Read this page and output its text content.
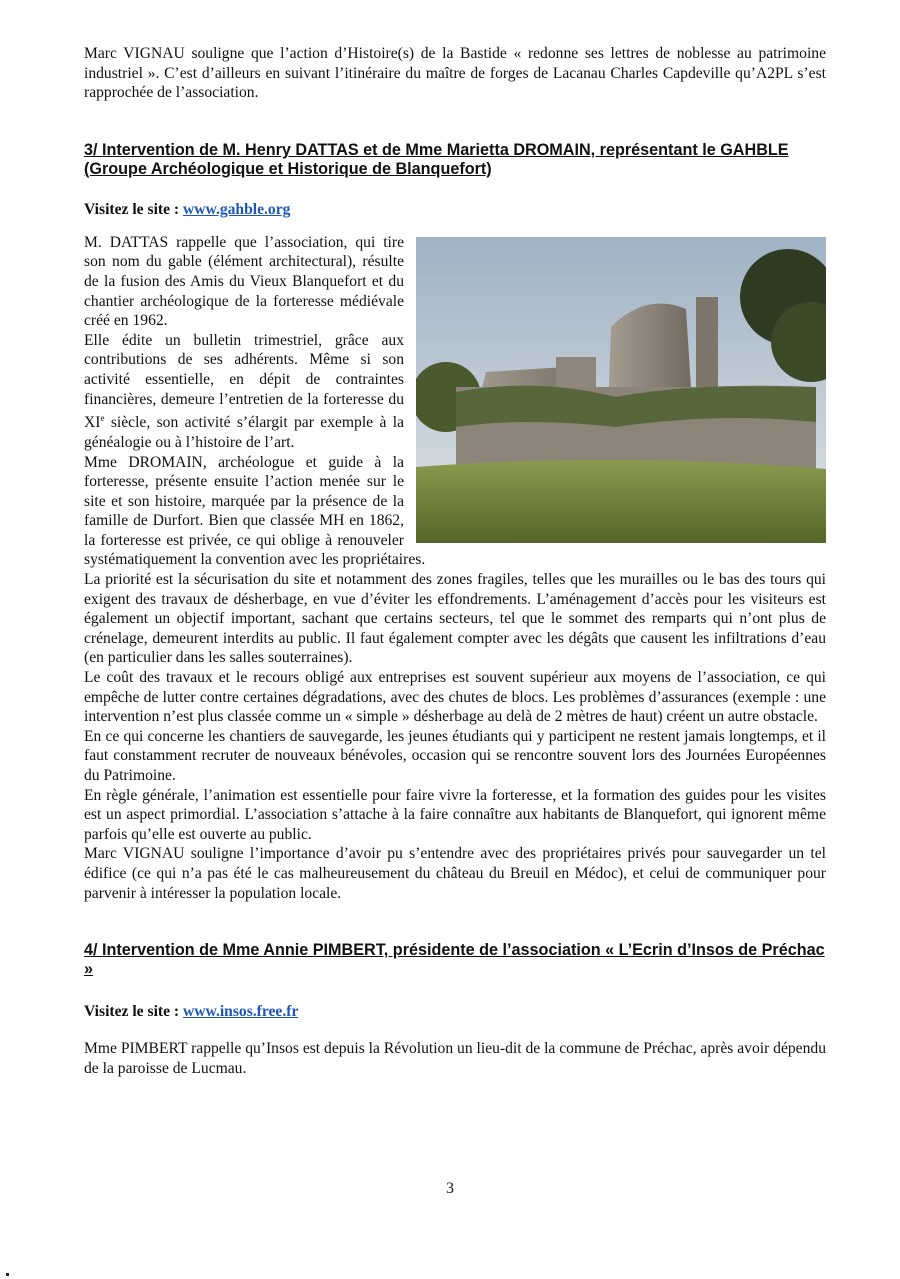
Marc VIGNAU souligne que l’action d’Histoire(s) de la Bastide « redonne ses lettres de noblesse au patrimoine industriel ». C’est d’ailleurs en suivant l’itinéraire du maître de forges de Lacanau Charles Capdeville qu’A2PL s’est rapprochée de l’association.

3/ Intervention de M. Henry DATTAS et de Mme Marietta DROMAIN, représentant le GAHBLE (Groupe Archéologique et Historique de Blanquefort)

Visitez le site : www.gahble.org

M. DATTAS rappelle que l’association, qui tire son nom du gable (élément architectural), résulte de la fusion des Amis du Vieux Blanquefort et du chantier archéologique de la forteresse médiévale créé en 1962.

Elle édite un bulletin trimestriel, grâce aux contributions de ses adhérents. Même si son activité essentielle, en dépit de contraintes financières, demeure l’entretien de la forteresse du XIe siècle, son activité s’élargit par exemple à la généalogie ou à l’histoire de l’art.

Mme DROMAIN, archéologue et guide à la forteresse, présente ensuite l’action menée sur le site et son histoire, marquée par la présence de la famille de Durfort. Bien que classée MH en 1862, la forteresse est privée, ce qui oblige à renouveler systématiquement la convention avec les propriétaires.

La priorité est la sécurisation du site et notamment des zones fragiles, telles que les murailles ou le bas des tours qui exigent des travaux de désherbage, en vue d’éviter les effondrements. L’aménagement d’accès pour les visiteurs est également un objectif important, sachant que certains secteurs, tel que le sommet des remparts qui n’ont plus de crénelage, demeurent interdits au public. Il faut également compter avec les dégâts que causent les infiltrations d’eau (en particulier dans les salles souterraines).

Le coût des travaux et le recours obligé aux entreprises est souvent supérieur aux moyens de l’association, ce qui empêche de lutter contre certaines dégradations, avec des chutes de blocs. Les problèmes d’assurances (exemple : une intervention n’est plus classée comme un « simple » désherbage au delà de 2 mètres de haut) créent un autre obstacle.

En ce qui concerne les chantiers de sauvegarde, les jeunes étudiants qui y participent ne restent jamais longtemps, et il faut constamment recruter de nouveaux bénévoles, occasion qui se rencontre souvent lors des Journées Européennes du Patrimoine.

En règle générale, l’animation est essentielle pour faire vivre la forteresse, et la formation des guides pour les visites est un aspect primordial. L’association s’attache à la faire connaître aux habitants de Blanquefort, qui ignorent même parfois qu’elle est ouverte au public.

Marc VIGNAU souligne l’importance d’avoir pu s’entendre avec des propriétaires privés pour sauvegarder un tel édifice (ce qui n’a pas été le cas malheureusement du château du Breuil en Médoc), et celui de communiquer pour parvenir à intéresser la population locale.

4/ Intervention de Mme Annie PIMBERT, présidente de l’association « L’Ecrin d’Insos de Préchac »

Visitez le site : www.insos.free.fr

Mme PIMBERT rappelle qu’Insos est depuis la Révolution un lieu-dit de la commune de Préchac, après avoir dépendu de la paroisse de Lucmau.

3
